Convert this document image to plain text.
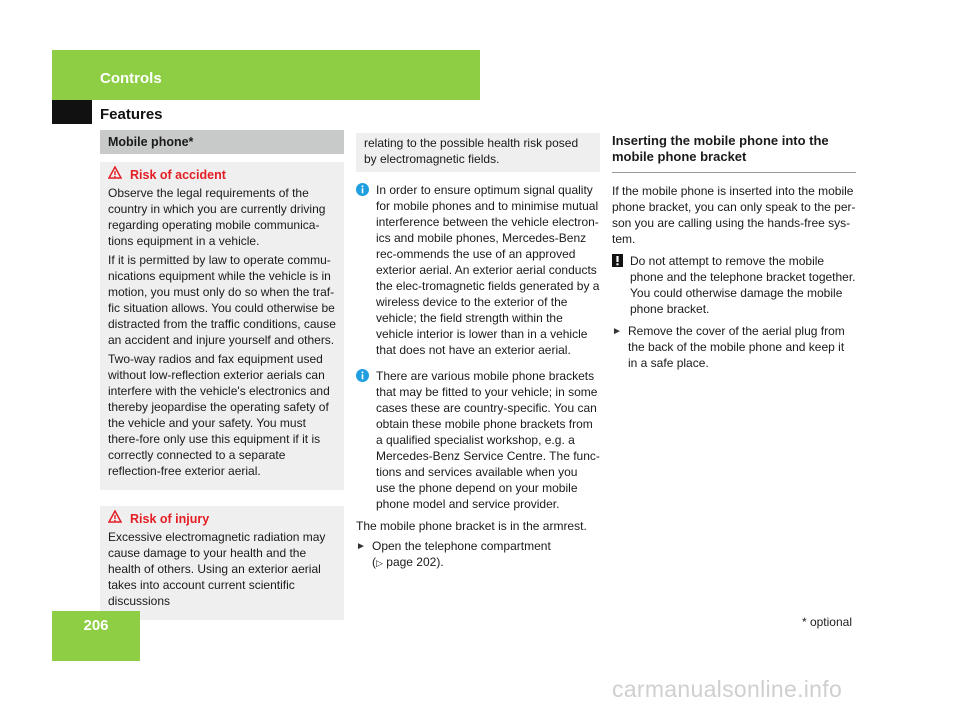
Controls
Features
Mobile phone*
Risk of accident

Observe the legal requirements of the country in which you are currently driving regarding operating mobile communica-tions equipment in a vehicle.

If it is permitted by law to operate commu-nications equipment while the vehicle is in motion, you must only do so when the traf-fic situation allows. You could otherwise be distracted from the traffic conditions, cause an accident and injure yourself and others.

Two-way radios and fax equipment used without low-reflection exterior aerials can interfere with the vehicle's electronics and thereby jeopardise the operating safety of the vehicle and your safety. You must there-fore only use this equipment if it is correctly connected to a separate reflection-free exterior aerial.

Risk of injury

Excessive electromagnetic radiation may cause damage to your health and the health of others. Using an exterior aerial takes into account current scientific discussions

relating to the possible health risk posed by electromagnetic fields.
In order to ensure optimum signal quality for mobile phones and to minimise mutual interference between the vehicle electron-ics and mobile phones, Mercedes-Benz rec-ommends the use of an approved exterior aerial. An exterior aerial conducts the elec-tromagnetic fields generated by a wireless device to the exterior of the vehicle; the field strength within the vehicle interior is lower than in a vehicle that does not have an exterior aerial.
There are various mobile phone brackets that may be fitted to your vehicle; in some cases these are country-specific. You can obtain these mobile phone brackets from a qualified specialist workshop, e.g. a Mercedes-Benz Service Centre. The func-tions and services available when you use the phone depend on your mobile phone model and service provider.
The mobile phone bracket is in the armrest.
► Open the telephone compartment
(▷ page 202).
Inserting the mobile phone into the mobile phone bracket

If the mobile phone is inserted into the mobile phone bracket, you can only speak to the per-son you are calling using the hands-free sys-tem.

Do not attempt to remove the mobile phone and the telephone bracket together. You could otherwise damage the mobile phone bracket.
► Remove the cover of the aerial plug from the back of the mobile phone and keep it in a safe place.
206	* optional
carmanualsonline.info
